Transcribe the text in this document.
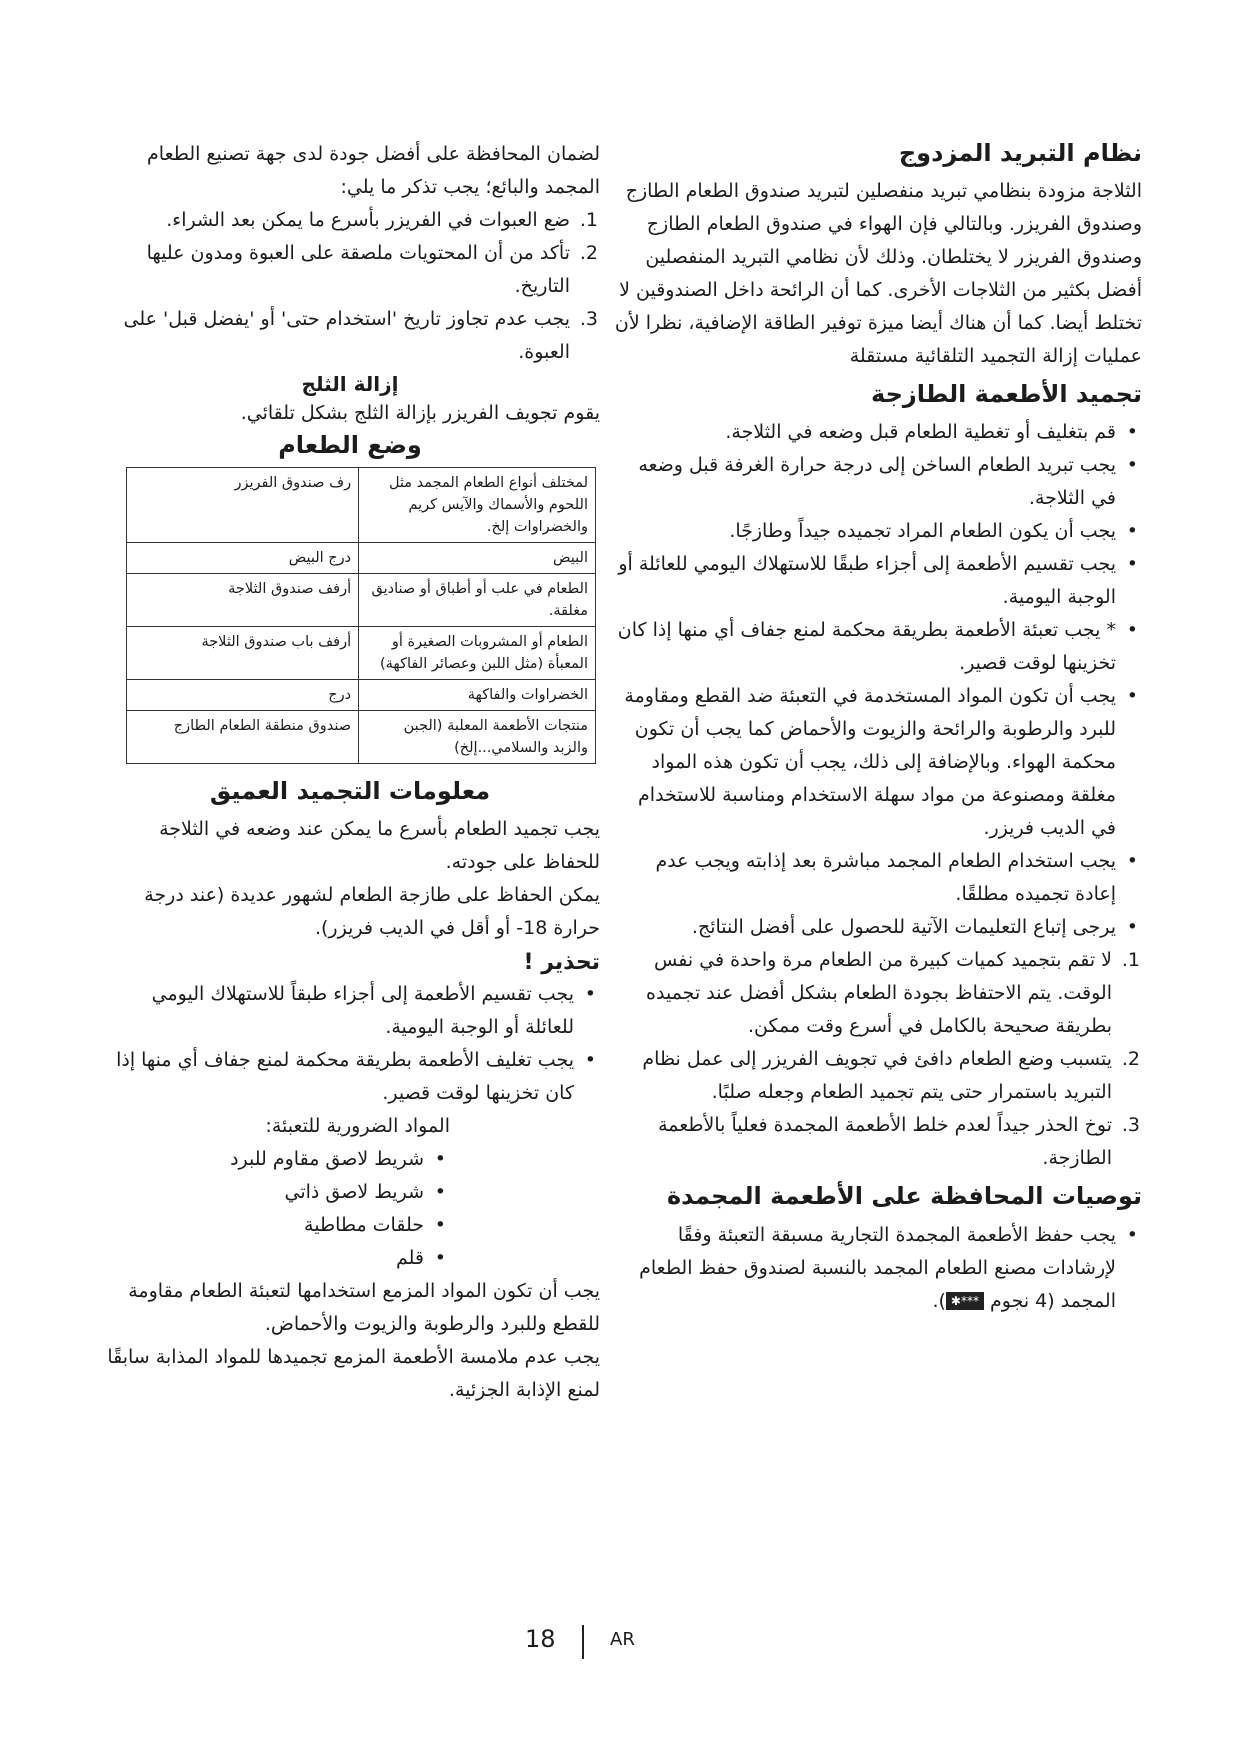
نظام التبريد المزدوج

الثلاجة مزودة بنظامي تبريد منفصلين لتبريد صندوق الطعام الطازج وصندوق الفريزر. وبالتالي فإن الهواء في صندوق الطعام الطازج وصندوق الفريزر لا يختلطان. وذلك لأن نظامي التبريد المنفصلين أفضل بكثير من الثلاجات الأخرى. كما أن الرائحة داخل الصندوقين لا تختلط أيضا. كما أن هناك أيضا ميزة توفير الطاقة الإضافية، نظرا لأن عمليات إزالة التجميد التلقائية مستقلة

تجميد الأطعمة الطازجة
• قم بتغليف أو تغطية الطعام قبل وضعه في الثلاجة.
• يجب تبريد الطعام الساخن إلى درجة حرارة الغرفة قبل وضعه في الثلاجة.
• يجب أن يكون الطعام المراد تجميده جيداً وطازجًا.
• يجب تقسيم الأطعمة إلى أجزاء طبقًا للاستهلاك اليومي للعائلة أو الوجبة اليومية.
• * يجب تعبئة الأطعمة بطريقة محكمة لمنع جفاف أي منها إذا كان تخزينها لوقت قصير.
• يجب أن تكون المواد المستخدمة في التعبئة ضد القطع ومقاومة للبرد والرطوبة والرائحة والزيوت والأحماض كما يجب أن تكون محكمة الهواء. وبالإضافة إلى ذلك، يجب أن تكون هذه المواد مغلقة ومصنوعة من مواد سهلة الاستخدام ومناسبة للاستخدام في الديب فريزر.
• يجب استخدام الطعام المجمد مباشرة بعد إذابته ويجب عدم إعادة تجميده مطلقًا.
• يرجى إتباع التعليمات الآتية للحصول على أفضل النتائج.
1.
لا تقم بتجميد كميات كبيرة من الطعام مرة واحدة في نفس الوقت. يتم الاحتفاظ بجودة الطعام بشكل أفضل عند تجميده بطريقة صحيحة بالكامل في أسرع وقت ممكن.
2.
يتسبب وضع الطعام دافئ في تجويف الفريزر إلى عمل نظام التبريد باستمرار حتى يتم تجميد الطعام وجعله صلبًا.
3.
توخ الحذر جيداً لعدم خلط الأطعمة المجمدة فعلياً بالأطعمة الطازجة.
توصيات المحافظة على الأطعمة المجمدة
• يجب حفظ الأطعمة المجمدة التجارية مسبقة التعبئة وفقًا لإرشادات مصنع الطعام المجمد بالنسبة لصندوق حفظ الطعام المجمد (4 نجوم ***✱).

لضمان المحافظة على أفضل جودة لدى جهة تصنيع الطعام المجمد والبائع؛ يجب تذكر ما يلي:

1.
ضع العبوات في الفريزر بأسرع ما يمكن بعد الشراء.
2.
تأكد من أن المحتويات ملصقة على العبوة ومدون عليها التاريخ.
3.
يجب عدم تجاوز تاريخ 'استخدام حتى' أو 'يفضل قبل' على العبوة.
إزالة الثلج

يقوم تجويف الفريزر بإزالة الثلج بشكل تلقائي.

وضع الطعام
لمختلف أنواع الطعام المجمد مثل اللحوم والأسماك والآيس كريم والخضراوات إلخ.	رف صندوق الفريزر
البيض	درج البيض
الطعام في علب أو أطباق أو صناديق مغلقة.	أرفف صندوق الثلاجة
الطعام أو المشروبات الصغيرة أو المعبأة (مثل اللبن وعصائر الفاكهة)	أرفف باب صندوق الثلاجة
الخضراوات والفاكهة	درج
منتجات الأطعمة المعلبة (الجبن والزبد والسلامي...إلخ)	صندوق منطقة الطعام الطازج
معلومات التجميد العميق

يجب تجميد الطعام بأسرع ما يمكن عند وضعه في الثلاجة للحفاظ على جودته.

يمكن الحفاظ على طازجة الطعام لشهور عديدة (عند درجة حرارة 18- أو أقل في الديب فريزر).

تحذير !
• يجب تقسيم الأطعمة إلى أجزاء طبقاً للاستهلاك اليومي للعائلة أو الوجبة اليومية.
• يجب تغليف الأطعمة بطريقة محكمة لمنع جفاف أي منها إذا كان تخزينها لوقت قصير.

المواد الضرورية للتعبئة:

• شريط لاصق مقاوم للبرد
• شريط لاصق ذاتي
• حلقات مطاطية
• قلم

يجب أن تكون المواد المزمع استخدامها لتعبئة الطعام مقاومة للقطع وللبرد والرطوبة والزيوت والأحماض.

يجب عدم ملامسة الأطعمة المزمع تجميدها للمواد المذابة سابقًا لمنع الإذابة الجزئية.

18	AR
